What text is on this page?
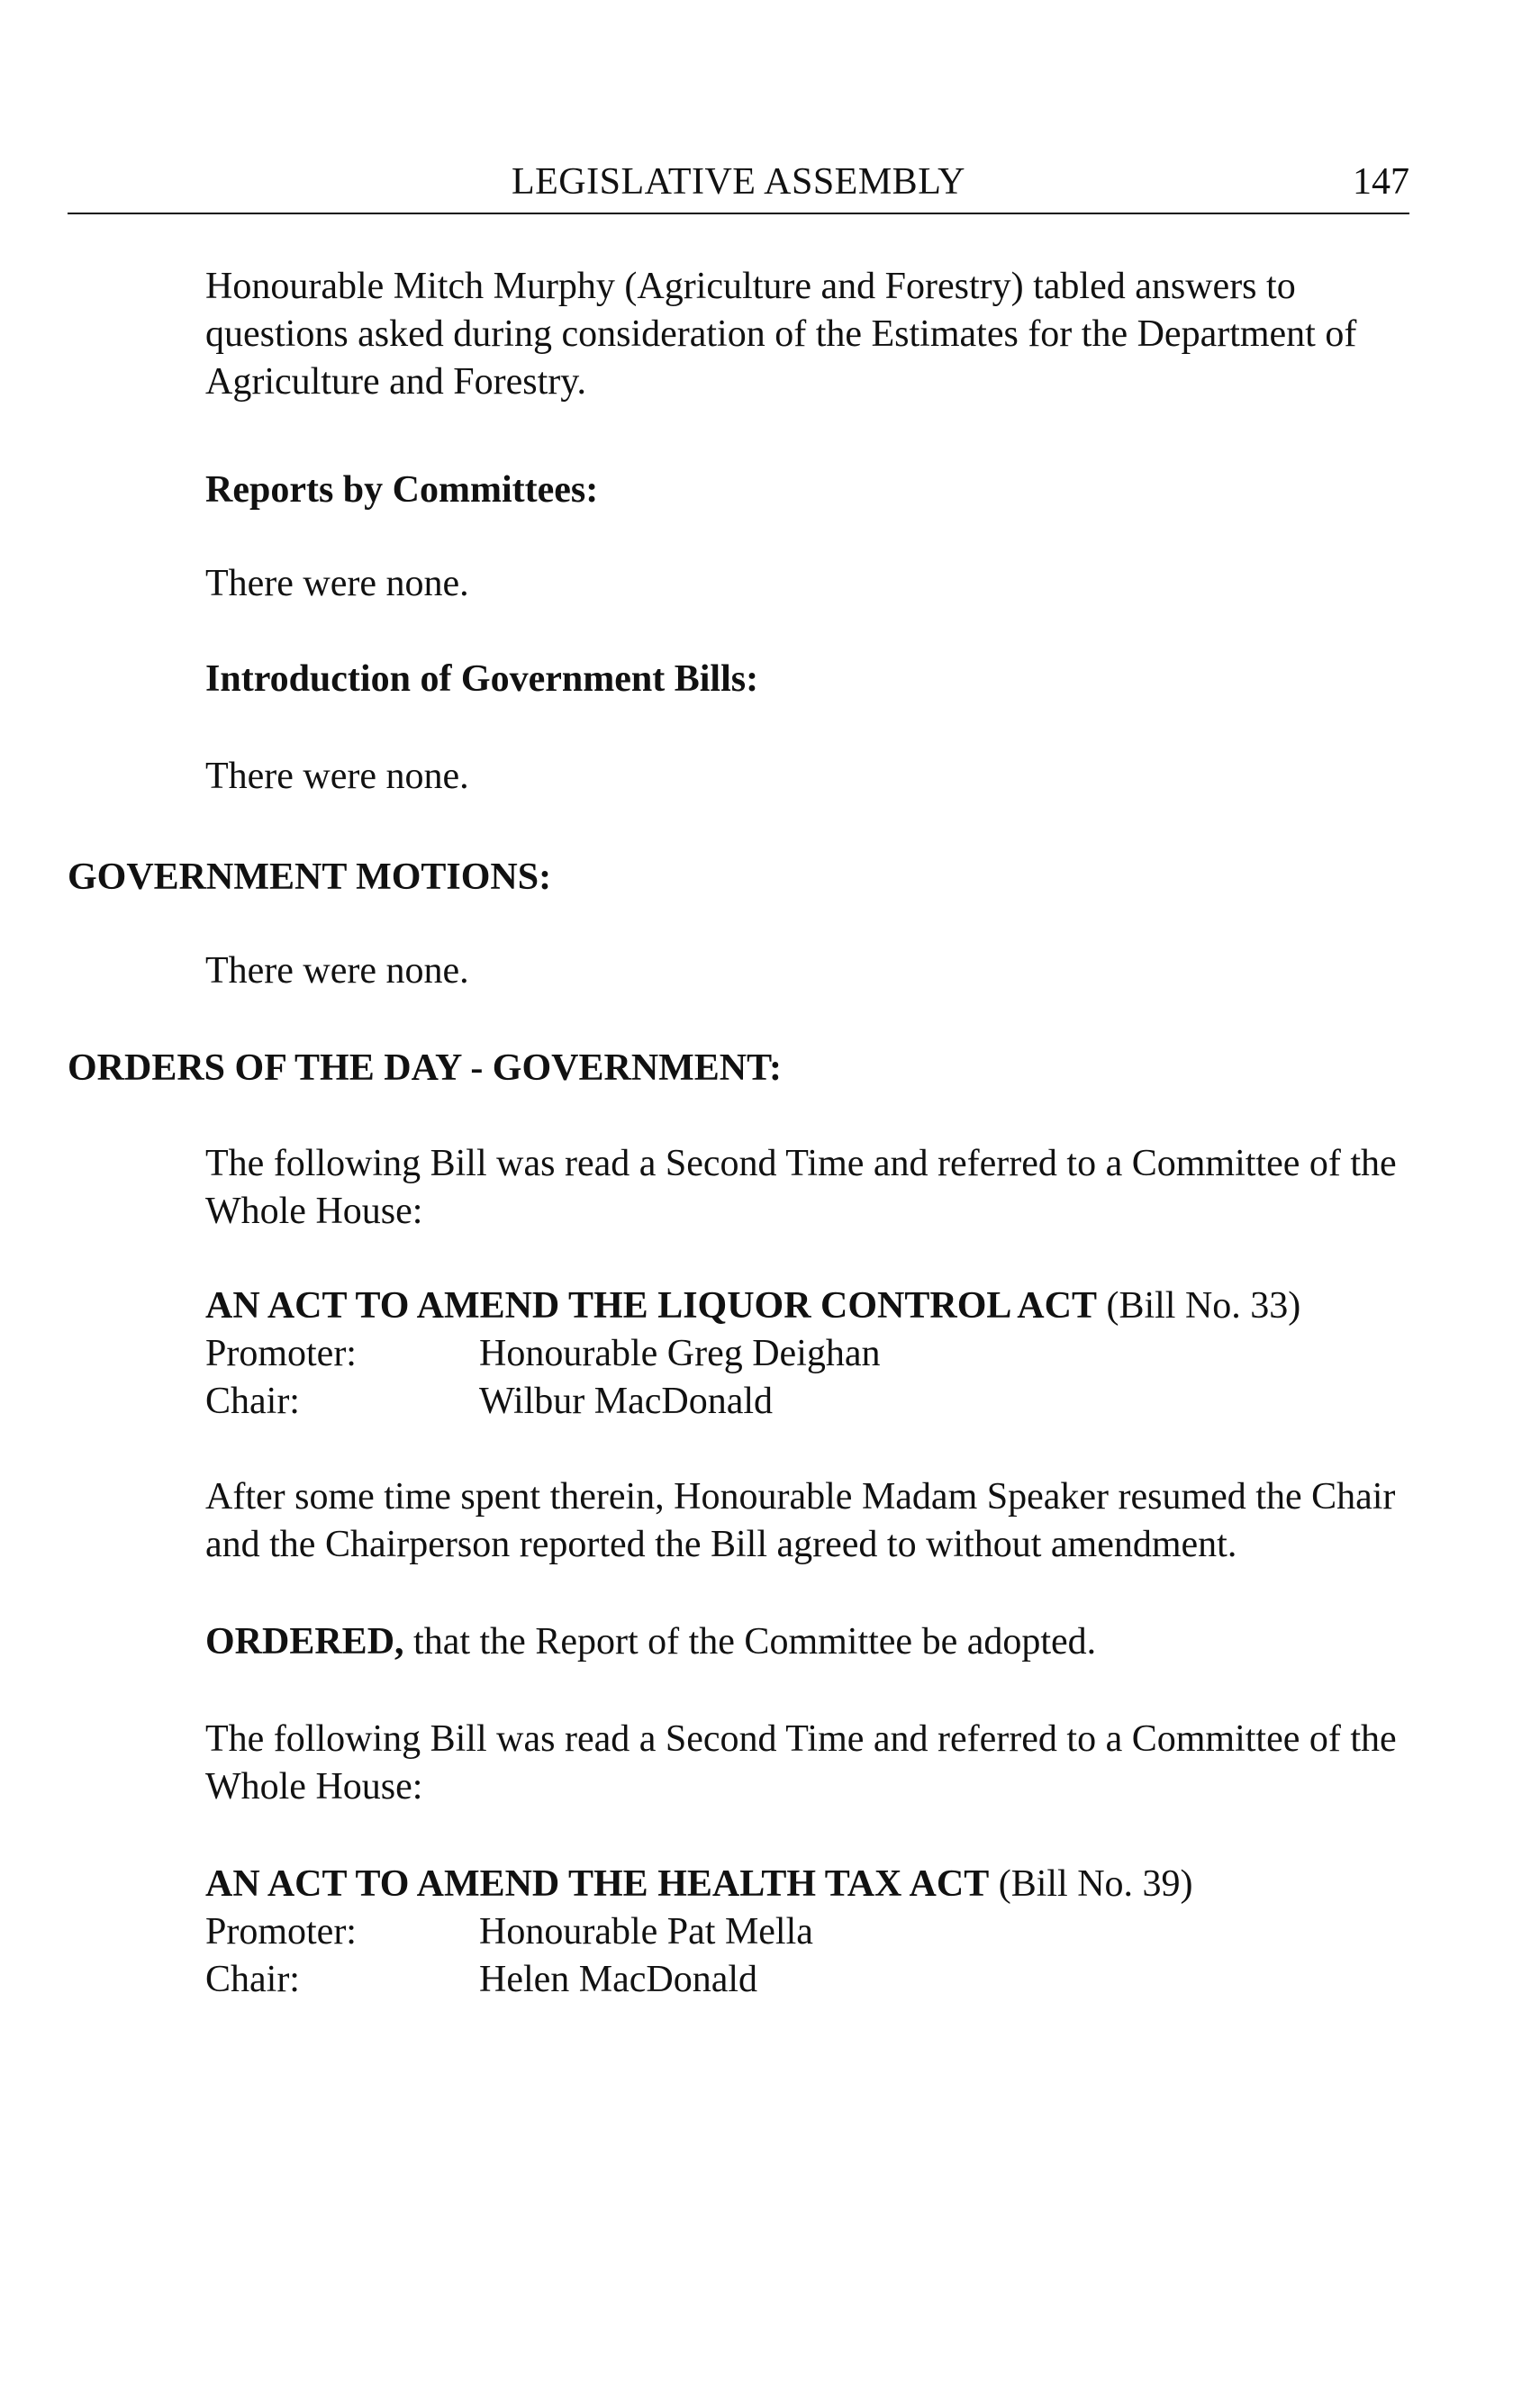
LEGISLATIVE ASSEMBLY	147
Honourable Mitch Murphy (Agriculture and Forestry) tabled answers to questions asked during consideration of the Estimates for the Department of Agriculture and Forestry.
Reports by Committees:
There were none.
Introduction of Government Bills:
There were none.
GOVERNMENT MOTIONS:
There were none.
ORDERS OF THE DAY - GOVERNMENT:
The following Bill was read a Second Time and referred to a Committee of the Whole House:
AN ACT TO AMEND THE LIQUOR CONTROL ACT (Bill No. 33)
Promoter:	Honourable Greg Deighan
Chair:	Wilbur MacDonald
After some time spent therein, Honourable Madam Speaker resumed the Chair and the Chairperson reported the Bill agreed to without amendment.
ORDERED, that the Report of the Committee be adopted.
The following Bill was read a Second Time and referred to a Committee of the Whole House:
AN ACT TO AMEND THE HEALTH TAX ACT (Bill No. 39)
Promoter:	Honourable Pat Mella
Chair:	Helen MacDonald
